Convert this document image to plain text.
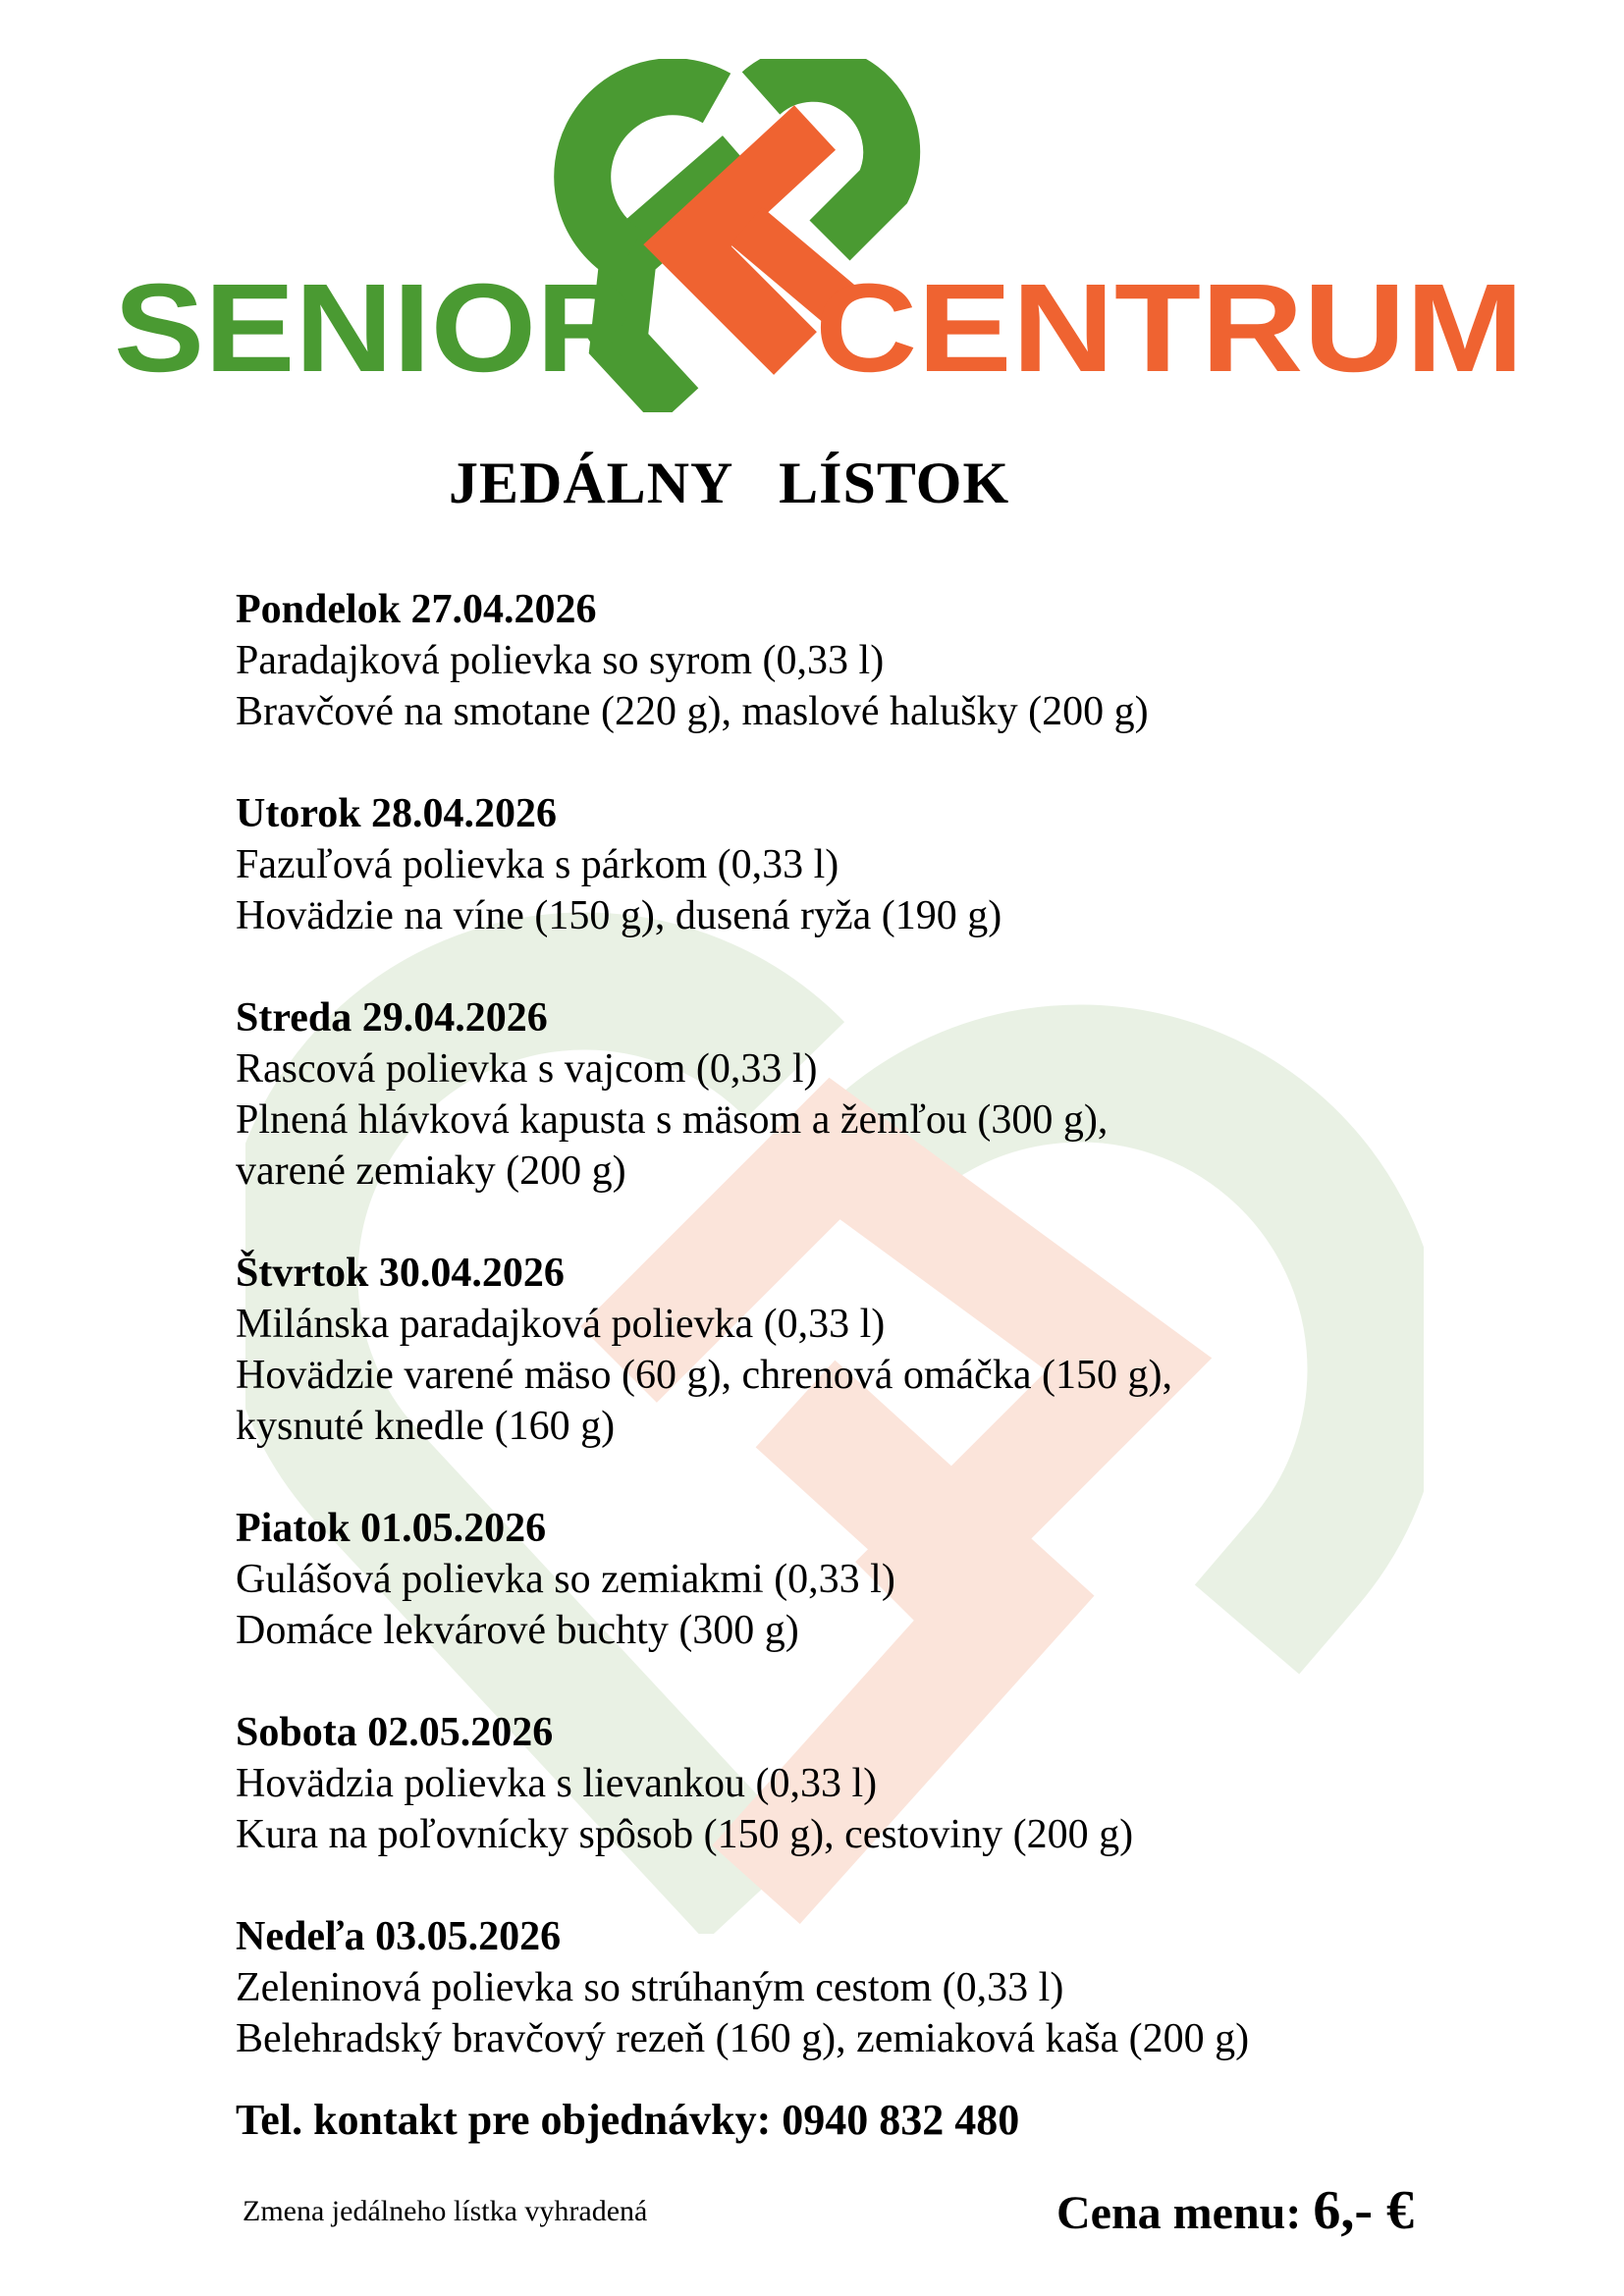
SENIOR CENTRUM
JEDÁLNY   LÍSTOK
Pondelok 27.04.2026
Paradajková polievka so syrom (0,33 l)
Bravčové na smotane (220 g), maslové halušky (200 g)
Utorok 28.04.2026
Fazuľová polievka s párkom (0,33 l)
Hovädzie na víne (150 g), dusená ryža (190 g)
Streda 29.04.2026
Rascová polievka s vajcom (0,33 l)
Plnená hlávková kapusta s mäsom a žemľou (300 g),
varené zemiaky (200 g)
Štvrtok 30.04.2026
Milánska paradajková polievka (0,33 l)
Hovädzie varené mäso (60 g), chrenová omáčka (150 g),
kysnuté knedle (160 g)
Piatok 01.05.2026
Gulášová polievka so zemiakmi (0,33 l)
Domáce lekvárové buchty (300 g)
Sobota 02.05.2026
Hovädzia polievka s lievankou (0,33 l)
Kura na poľovnícky spôsob (150 g), cestoviny (200 g)
Nedeľa 03.05.2026
Zeleninová polievka so strúhaným cestom (0,33 l)
Belehradský bravčový rezeň (160 g), zemiaková kaša (200 g)
Tel. kontakt pre objednávky: 0940 832 480
Zmena jedálneho lístka vyhradená	Cena menu: 6,- €
